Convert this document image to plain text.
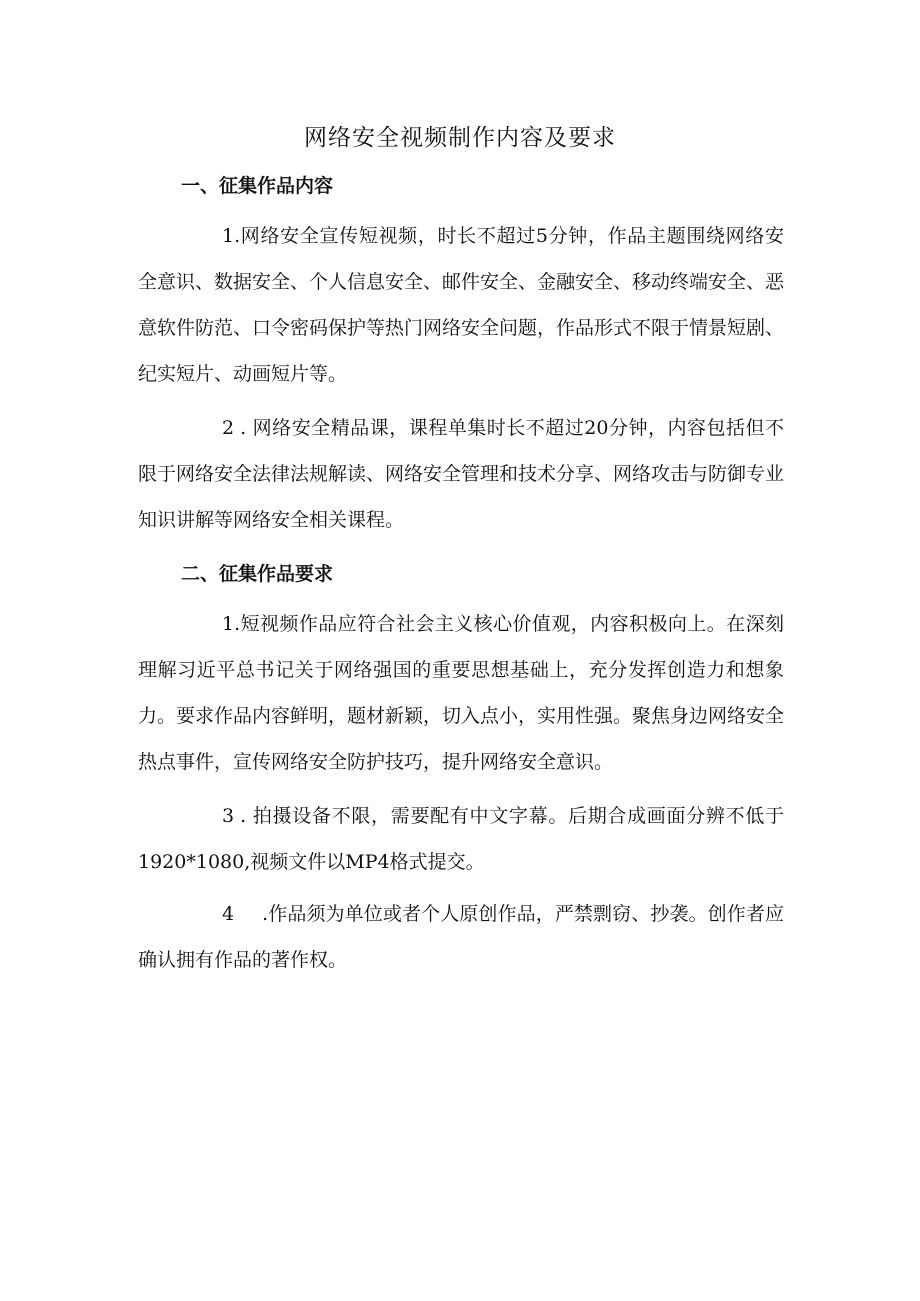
网络安全视频制作内容及要求
一、征集作品内容

1.网络安全宣传短视频，时长不超过5分钟，作品主题围绕网络安全意识、数据安全、个人信息安全、邮件安全、金融安全、移动终端安全、恶意软件防范、口令密码保护等热门网络安全问题，作品形式不限于情景短剧、纪实短片、动画短片等。

2 . 网络安全精品课，课程单集时长不超过20分钟，内容包括但不限于网络安全法律法规解读、网络安全管理和技术分享、网络攻击与防御专业知识讲解等网络安全相关课程。

二、征集作品要求

1.短视频作品应符合社会主义核心价值观，内容积极向上。在深刻理解习近平总书记关于网络强国的重要思想基础上，充分发挥创造力和想象力。要求作品内容鲜明，题材新颖，切入点小，实用性强。聚焦身边网络安全热点事件，宣传网络安全防护技巧，提升网络安全意识。

3 . 拍摄设备不限，需要配有中文字幕。后期合成画面分辨不低于1920*1080,视频文件以MP4格式提交。

4 .作品须为单位或者个人原创作品，严禁剽窃、抄袭。创作者应确认拥有作品的著作权。
